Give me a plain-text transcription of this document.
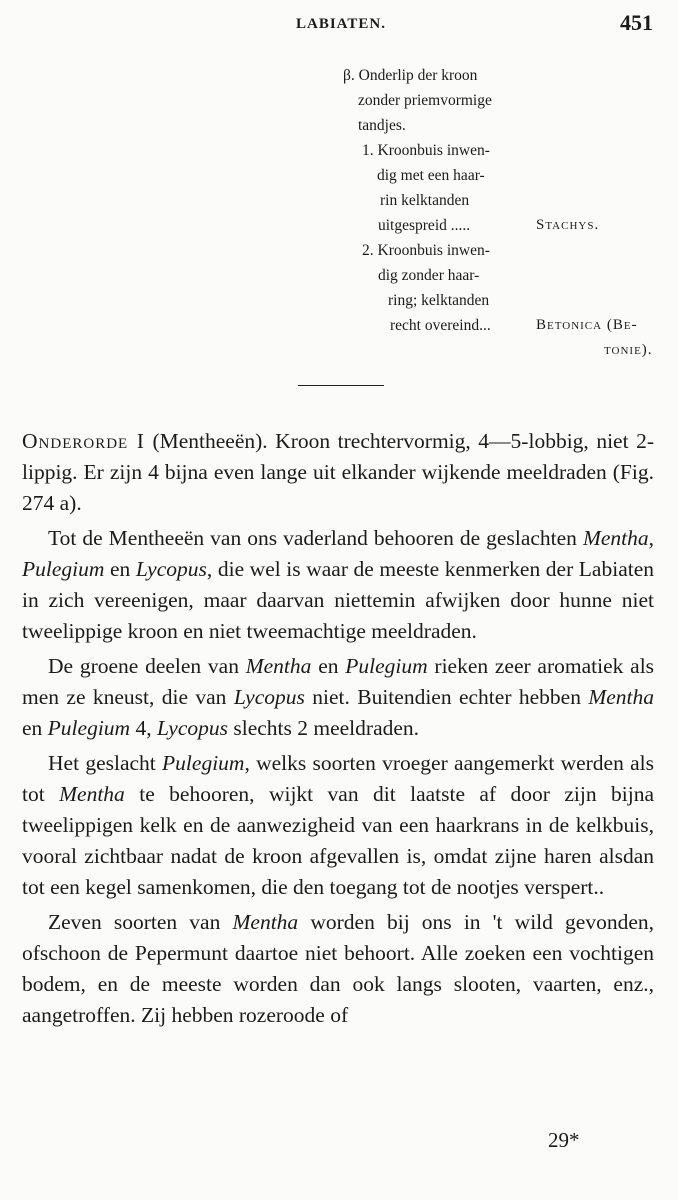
LABIATEN.	451
β. Onderlip der kroon
zonder priemvormige
tandjes.
1. Kroonbuis inwen-
dig met een haar-
rin kelktanden
uitgespreid .....	Stachys.
2. Kroonbuis inwen-
dig zonder haar-
ring; kelktanden
recht overeind...	Betonica (Be-
tonie).

Onderorde I (Mentheeën). Kroon trechtervormig, 4—5-lobbig, niet 2-lippig. Er zijn 4 bijna even lange uit elkander wijkende meeldraden (Fig. 274 a).

Tot de Mentheeën van ons vaderland behooren de geslachten Mentha, Pulegium en Lycopus, die wel is waar de meeste kenmerken der Labiaten in zich vereenigen, maar daarvan niettemin afwijken door hunne niet tweelippige kroon en niet tweemachtige meeldraden.

De groene deelen van Mentha en Pulegium rieken zeer aromatiek als men ze kneust, die van Lycopus niet. Buitendien echter hebben Mentha en Pulegium 4, Lycopus slechts 2 meeldraden.

Het geslacht Pulegium, welks soorten vroeger aangemerkt werden als tot Mentha te behooren, wijkt van dit laatste af door zijn bijna tweelippigen kelk en de aanwezigheid van een haarkrans in de kelkbuis, vooral zichtbaar nadat de kroon afgevallen is, omdat zijne haren alsdan tot een kegel samenkomen, die den toegang tot de nootjes verspert..

Zeven soorten van Mentha worden bij ons in 't wild gevonden, ofschoon de Pepermunt daartoe niet behoort. Alle zoeken een vochtigen bodem, en de meeste worden dan ook langs slooten, vaarten, enz., aangetroffen. Zij hebben rozeroode of

29*
